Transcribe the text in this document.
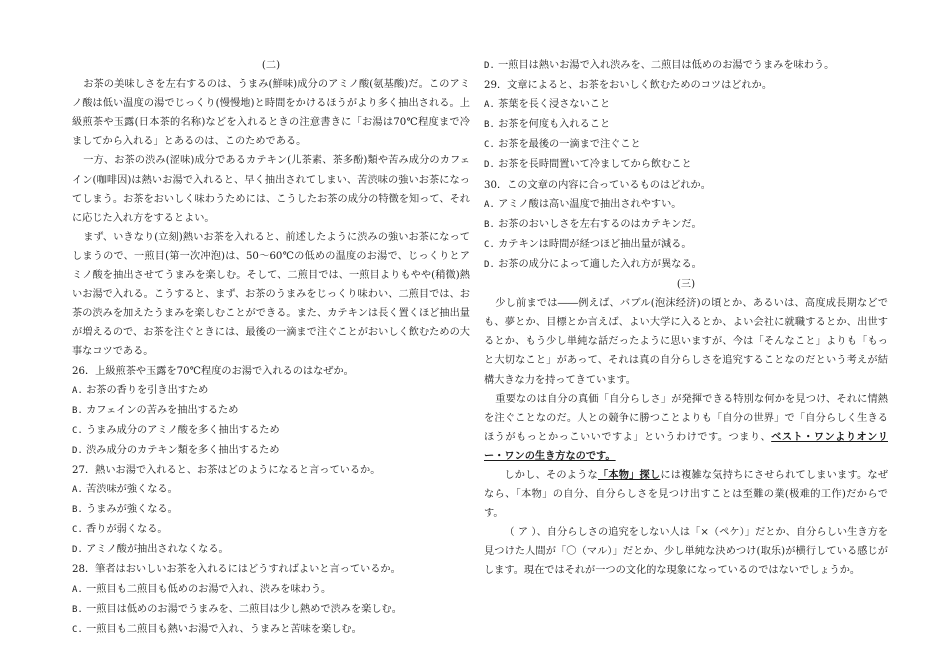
(二)

お茶の美味しさを左右するのは、うまみ(鮮味)成分のアミノ酸(氨基酸)だ。このアミノ酸は低い温度の湯でじっくり(慢慢地)と時間をかけるほうがより多く抽出される。上級煎茶や玉露(日本茶的名称)などを入れるときの注意書きに「お湯は70℃程度まで冷ましてから入れる」とあるのは、このためである。

一方、お茶の渋み(涩味)成分であるカテキン(儿茶素、茶多酚)類や苦み成分のカフェイン(咖啡因)は熱いお湯で入れると、早く抽出されてしまい、苦渋味の強いお茶になってしまう。お茶をおいしく味わうためには、こうしたお茶の成分の特徴を知って、それに応じた入れ方をするとよい。

まず、いきなり(立刻)熱いお茶を入れると、前述したように渋みの強いお茶になってしまうので、一煎目(第一次冲泡)は、50～60℃の低めの温度のお湯で、じっくりとアミノ酸を抽出させてうまみを楽しむ。そして、二煎目では、一煎目よりもやや(稍微)熱いお湯で入れる。こうすると、まず、お茶のうまみをじっくり味わい、二煎目では、お茶の渋みを加えたうまみを楽しむことができる。また、カテキンは長く置くほど抽出量が増えるので、お茶を注ぐときには、最後の一滴まで注ぐことがおいしく飲むための大事なコツである。

26．上級煎茶や玉露を70℃程度のお湯で入れるのはなぜか。

A. お茶の香りを引き出すため

B. カフェインの苦みを抽出するため

C. うまみ成分のアミノ酸を多く抽出するため

D. 渋み成分のカテキン類を多く抽出するため

27．熱いお湯で入れると、お茶はどのようになると言っているか。

A. 苦渋味が強くなる。

B. うまみが強くなる。

C. 香りが弱くなる。

D. アミノ酸が抽出されなくなる。

28．筆者はおいしいお茶を入れるにはどうすればよいと言っているか。

A. 一煎目も二煎目も低めのお湯で入れ、渋みを味わう。

B. 一煎目は低めのお湯でうまみを、二煎目は少し熱めで渋みを楽しむ。

C. 一煎目も二煎目も熱いお湯で入れ、うまみと苦味を楽しむ。

D. 一煎目は熱いお湯で入れ渋みを、二煎目は低めのお湯でうまみを味わう。

29．文章によると、お茶をおいしく飲むためのコツはどれか。

A. 茶葉を長く浸さないこと

B. お茶を何度も入れること

C. お茶を最後の一滴まで注ぐこと

D. お茶を長時間置いて冷ましてから飲むこと

30．この文章の内容に合っているものはどれか。

A. アミノ酸は高い温度で抽出されやすい。

B. お茶のおいしさを左右するのはカテキンだ。

C. カテキンは時間が経つほど抽出量が減る。

D. お茶の成分によって適した入れ方が異なる。

(三)

少し前までは――例えば、バブル(泡沫经济)の頃とか、あるいは、高度成長期などでも、夢とか、目標とか言えば、よい大学に入るとか、よい会社に就職するとか、出世するとか、もう少し単純な話だったように思いますが、今は「そんなこと」よりも「もっと大切なこと」があって、それは真の自分らしさを追究することなのだという考えが結構大きな力を持ってきています。

重要なのは自分の真価「自分らしさ」が発揮できる特別な何かを見つけ、それに情熱を注ぐことなのだ。人との競争に勝つことよりも「自分の世界」で「自分らしく生きるほうがもっとかっこいいですよ」というわけです。つまり、ベスト・ワンよりオンリー・ワンの生き方なのです。

しかし、そのような「本物」探しには複雑な気持ちにさせられてしまいます。なぜなら、「本物」の自分、自分らしさを見つけ出すことは至難の業(极难的工作)だからです。

（ ア ）、自分らしさの追究をしない人は「×（ペケ）」だとか、自分らしい生き方を見つけた人間が「〇（マル）」だとか、少し単純な決めつけ(取乐)が横行している感じがします。現在ではそれが一つの文化的な現象になっているのではないでしょうか。
